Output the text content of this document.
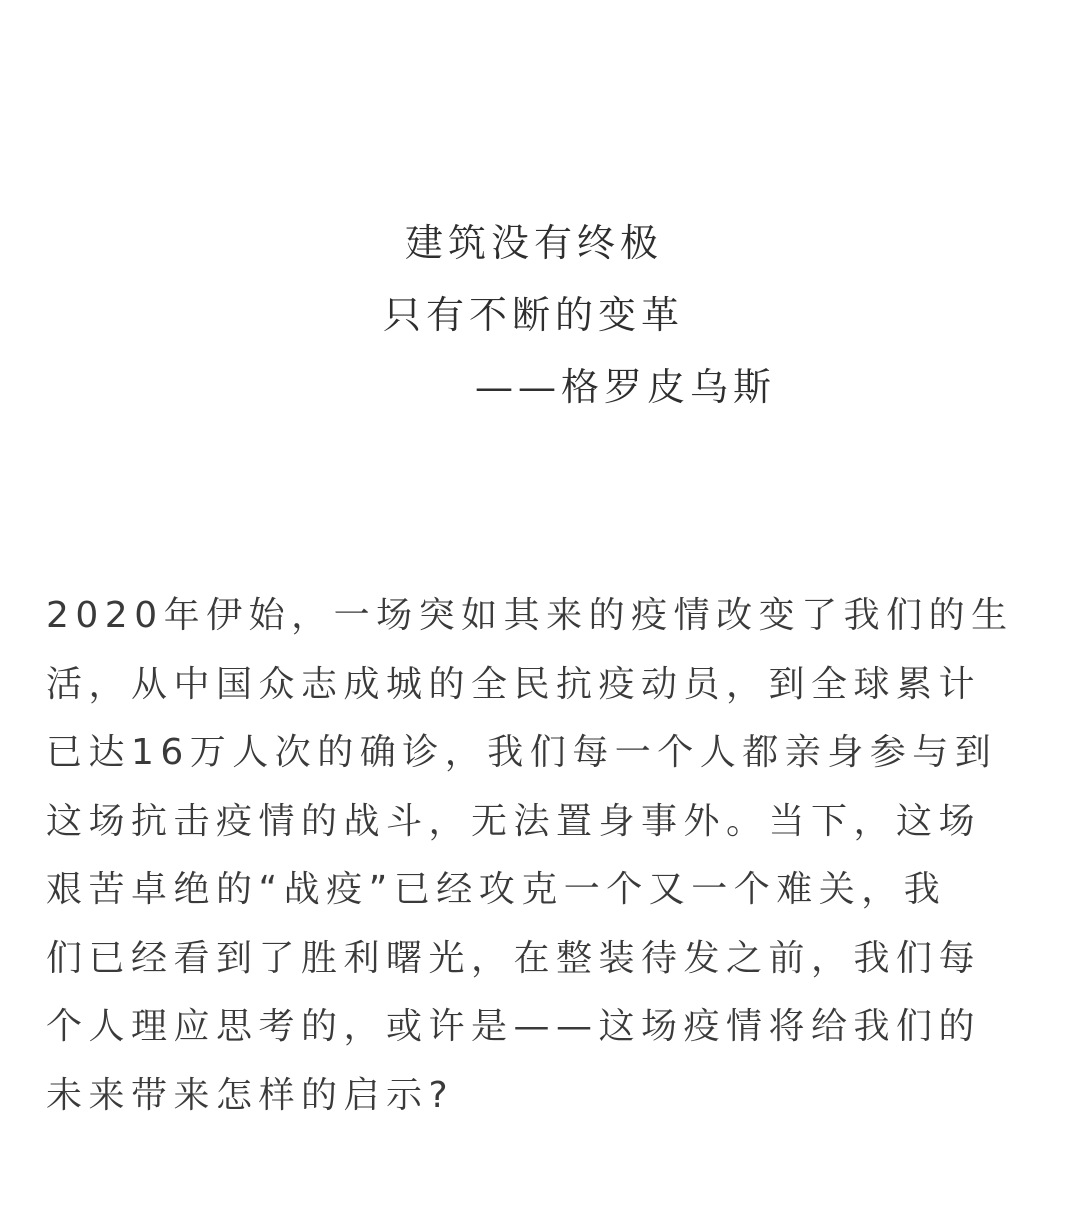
建筑没有终极
只有不断的变革
——格罗皮乌斯
2020年伊始，一场突如其来的疫情改变了我们的生
活，从中国众志成城的全民抗疫动员，到全球累计
已达16万人次的确诊，我们每一个人都亲身参与到
这场抗击疫情的战斗，无法置身事外。当下，这场
艰苦卓绝的“战疫”已经攻克一个又一个难关，我
们已经看到了胜利曙光，在整装待发之前，我们每
个人理应思考的，或许是——这场疫情将给我们的
未来带来怎样的启示?
